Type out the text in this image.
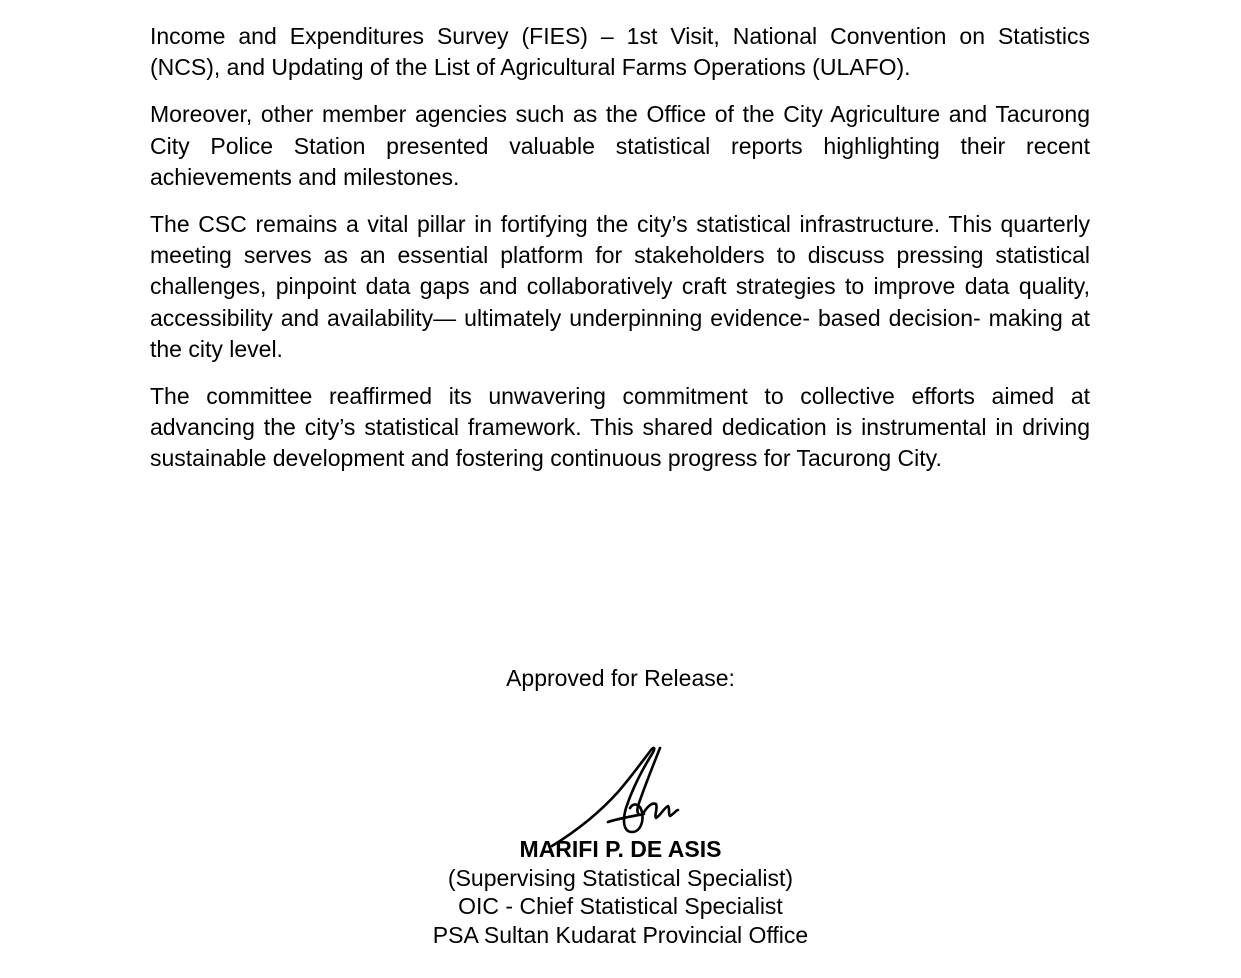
Income and Expenditures Survey (FIES) – 1st Visit, National Convention on Statistics (NCS), and Updating of the List of Agricultural Farms Operations (ULAFO).

Moreover, other member agencies such as the Office of the City Agriculture and Tacurong City Police Station presented valuable statistical reports highlighting their recent achievements and milestones.

The CSC remains a vital pillar in fortifying the city’s statistical infrastructure. This quarterly meeting serves as an essential platform for stakeholders to discuss pressing statistical challenges, pinpoint data gaps and collaboratively craft strategies to improve data quality, accessibility and availability— ultimately underpinning evidence- based decision- making at the city level.

The committee reaffirmed its unwavering commitment to collective efforts aimed at advancing the city’s statistical framework. This shared dedication is instrumental in driving sustainable development and fostering continuous progress for Tacurong City.

Approved for Release:
MARIFI P. DE ASIS
(Supervising Statistical Specialist)
OIC - Chief Statistical Specialist
PSA Sultan Kudarat Provincial Office
